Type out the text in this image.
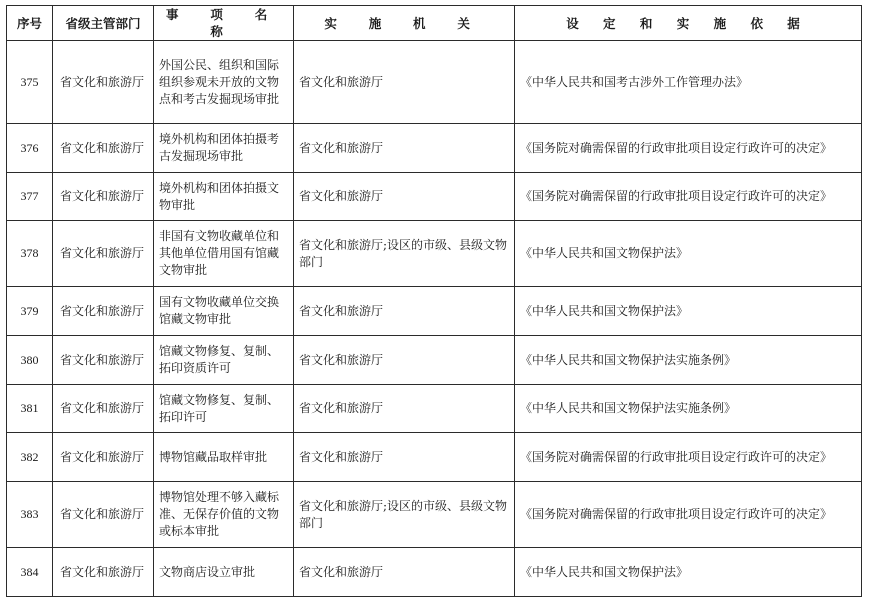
序号	省级主管部门	事 项 名 称	实 施 机 关	设 定 和 实 施 依 据
375	省文化和旅游厅	外国公民、组织和国际组织参观未开放的文物点和考古发掘现场审批	省文化和旅游厅	《中华人民共和国考古涉外工作管理办法》
376	省文化和旅游厅	境外机构和团体拍摄考古发掘现场审批	省文化和旅游厅	《国务院对确需保留的行政审批项目设定行政许可的决定》
377	省文化和旅游厅	境外机构和团体拍摄文物审批	省文化和旅游厅	《国务院对确需保留的行政审批项目设定行政许可的决定》
378	省文化和旅游厅	非国有文物收藏单位和其他单位借用国有馆藏文物审批	省文化和旅游厅;设区的市级、县级文物部门	《中华人民共和国文物保护法》
379	省文化和旅游厅	国有文物收藏单位交换馆藏文物审批	省文化和旅游厅	《中华人民共和国文物保护法》
380	省文化和旅游厅	馆藏文物修复、复制、拓印资质许可	省文化和旅游厅	《中华人民共和国文物保护法实施条例》
381	省文化和旅游厅	馆藏文物修复、复制、拓印许可	省文化和旅游厅	《中华人民共和国文物保护法实施条例》
382	省文化和旅游厅	博物馆藏品取样审批	省文化和旅游厅	《国务院对确需保留的行政审批项目设定行政许可的决定》
383	省文化和旅游厅	博物馆处理不够入藏标准、无保存价值的文物或标本审批	省文化和旅游厅;设区的市级、县级文物部门	《国务院对确需保留的行政审批项目设定行政许可的决定》
384	省文化和旅游厅	文物商店设立审批	省文化和旅游厅	《中华人民共和国文物保护法》
